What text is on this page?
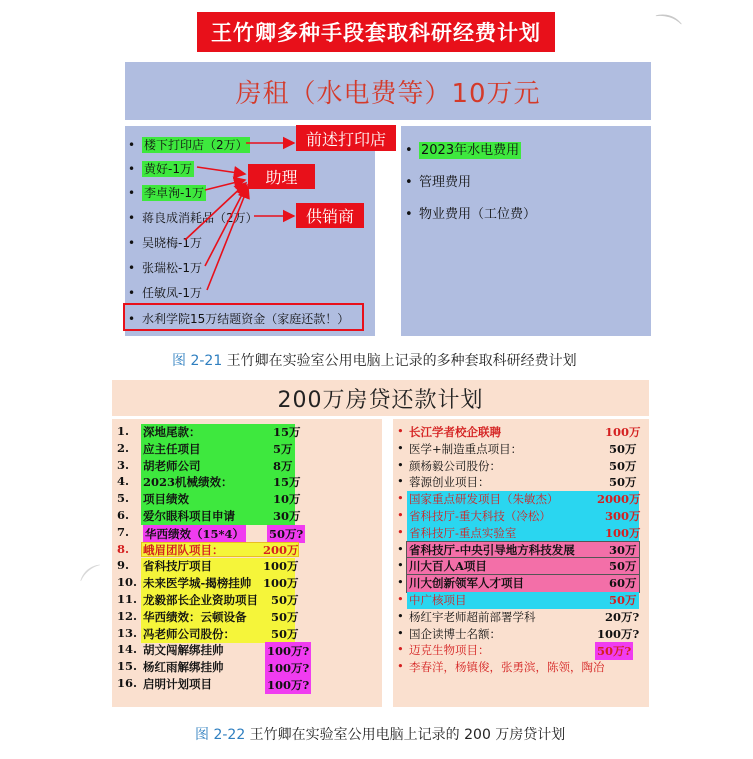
王竹卿多种手段套取科研经费计划	⌒
房租（水电费等）10万元
• 楼下打印店（2万）
• 黄好-1万
• 李卓洵-1万
• 蒋良成消耗品（2万）
• 吴晓梅-1万
• 张瑞松-1万
• 任敏凤-1万
• 水利学院15万结题资金（家庭还款！）
• 2023年水电费用
• 管理费用
• 物业费用（工位费）
前述打印店
助理
供销商
图 2-21 王竹卿在实验室公用电脑上记录的多种套取科研经费计划
200万房贷还款计划
⌒
1.	深地尾款：	15万
2.	应主任项目	5万
3.	胡老师公司	8万
4.	2023机械绩效：	15万
5.	项目绩效	10万
6.	爱尔眼科项目申请	30万
7.	华西绩效（15*4） 50万?
8.	峨眉团队项目：	200万
9.	省科技厅项目	100万
10. 未来医学城-揭榜挂帅 100万
11. 龙毅部长企业资助项目 50万
12. 华西绩效：云顿设备 50万
13. 冯老师公司股份：	50万
14. 胡文闯解绑挂帅	100万?
15. 杨红雨解绑挂帅	100万?
16. 启明计划项目	100万?
• 长江学者校企联聘	100万
• 医学+制造重点项目：	50万
• 颜杨毅公司股份：	50万
• 蓉源创业项目：	50万
• 国家重点研发项目（朱敏杰）	2000万
• 省科技厅-重大科技（冷松）	300万
• 省科技厅-重点实验室	100万
• 省科技厅-中央引导地方科技发展	30万
• 川大百人A项目	50万
• 川大创新领军人才项目	60万
• 中广核项目	50万
• 杨红宇老师超前部署学科	20万?
• 国企读博士名额：	100万?
• 迈克生物项目：	50万?
• 李春洋，杨镇俊，张勇滨，陈领，陶冶
图 2-22 王竹卿在实验室公用电脑上记录的 200 万房贷计划
